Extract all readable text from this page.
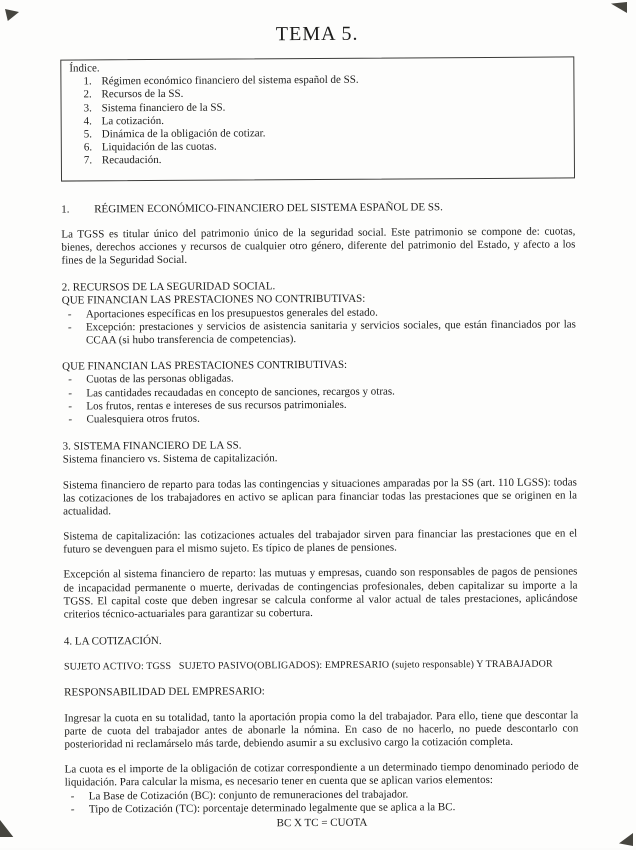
TEMA 5.
Índice.
1. Régimen económico financiero del sistema español de SS.
2. Recursos de la SS.
3. Sistema financiero de la SS.
4. La cotización.
5. Dinámica de la obligación de cotizar.
6. Liquidación de las cuotas.
7. Recaudación.
1. RÉGIMEN ECONÓMICO-FINANCIERO DEL SISTEMA ESPAÑOL DE SS.

La TGSS es titular único del patrimonio único de la seguridad social. Este patrimonio se compone de: cuotas, bienes, derechos acciones y recursos de cualquier otro género, diferente del patrimonio del Estado, y afecto a los fines de la Seguridad Social.

2. RECURSOS DE LA SEGURIDAD SOCIAL.
QUE FINANCIAN LAS PRESTACIONES NO CONTRIBUTIVAS:
- Aportaciones específicas en los presupuestos generales del estado.
- Excepción: prestaciones y servicios de asistencia sanitaria y servicios sociales, que están financiados por las CCAA (si hubo transferencia de competencias).
QUE FINANCIAN LAS PRESTACIONES CONTRIBUTIVAS:
- Cuotas de las personas obligadas.
- Las cantidades recaudadas en concepto de sanciones, recargos y otras.
- Los frutos, rentas e intereses de sus recursos patrimoniales.
- Cualesquiera otros frutos.
3. SISTEMA FINANCIERO DE LA SS.
Sistema financiero vs. Sistema de capitalización.

Sistema financiero de reparto para todas las contingencias y situaciones amparadas por la SS (art. 110 LGSS): todas las cotizaciones de los trabajadores en activo se aplican para financiar todas las prestaciones que se originen en la actualidad.

Sistema de capitalización: las cotizaciones actuales del trabajador sirven para financiar las prestaciones que en el futuro se devenguen para el mismo sujeto. Es típico de planes de pensiones.

Excepción al sistema financiero de reparto: las mutuas y empresas, cuando son responsables de pagos de pensiones de incapacidad permanente o muerte, derivadas de contingencias profesionales, deben capitalizar su importe a la TGSS. El capital coste que deben ingresar se calcula conforme al valor actual de tales prestaciones, aplicándose criterios técnico-actuariales para garantizar su cobertura.

4. LA COTIZACIÓN.
SUJETO ACTIVO: TGSS   SUJETO PASIVO(OBLIGADOS): EMPRESARIO (sujeto responsable) Y TRABAJADOR
RESPONSABILIDAD DEL EMPRESARIO:

Ingresar la cuota en su totalidad, tanto la aportación propia como la del trabajador. Para ello, tiene que descontar la parte de cuota del trabajador antes de abonarle la nómina. En caso de no hacerlo, no puede descontarlo con posterioridad ni reclamárselo más tarde, debiendo asumir a su exclusivo cargo la cotización completa.

La cuota es el importe de la obligación de cotizar correspondiente a un determinado tiempo denominado periodo de liquidación. Para calcular la misma, es necesario tener en cuenta que se aplican varios elementos:

- La Base de Cotización (BC): conjunto de remuneraciones del trabajador.
- Tipo de Cotización (TC): porcentaje determinado legalmente que se aplica a la BC.
BC X TC = CUOTA
